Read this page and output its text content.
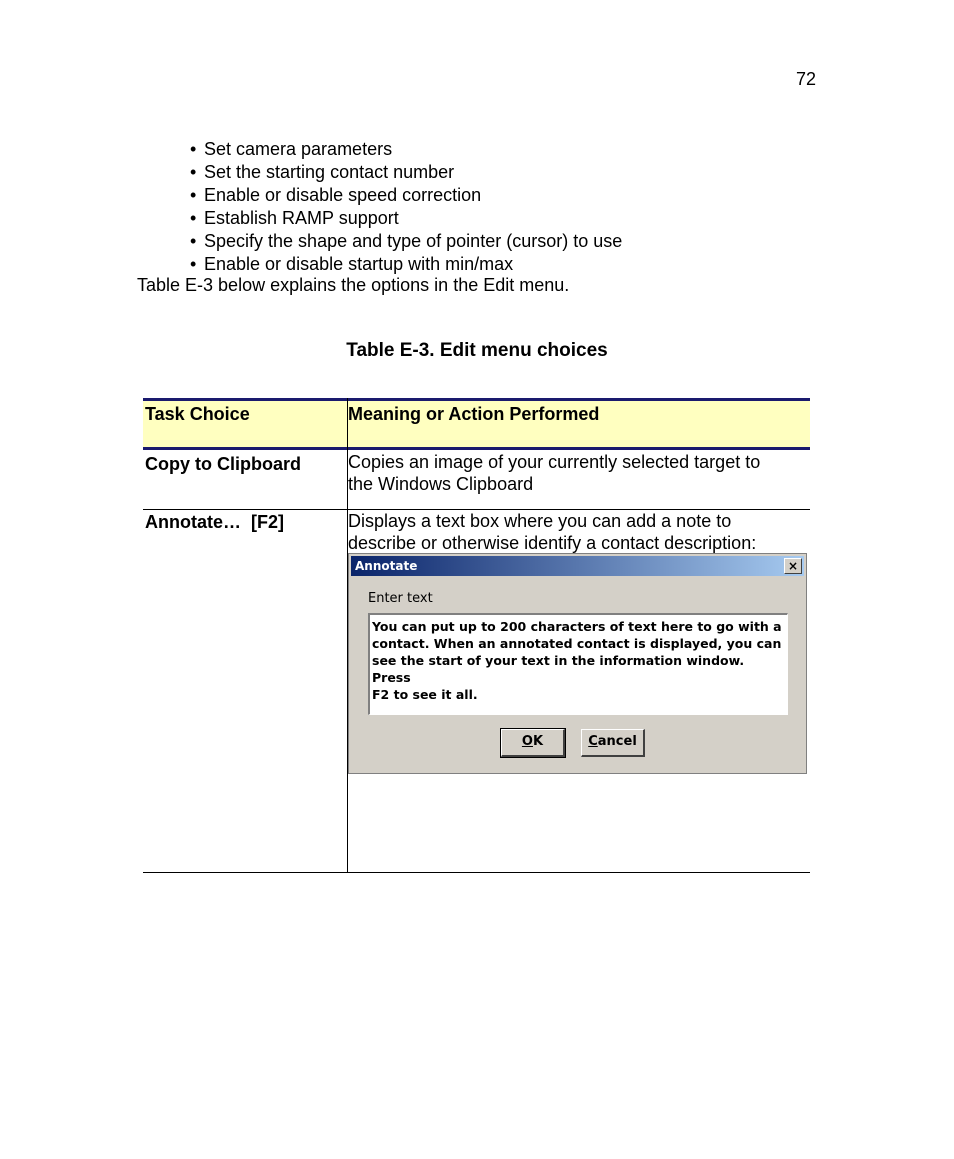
72
• Set camera parameters
• Set the starting contact number
• Enable or disable speed correction
• Establish RAMP support
• Specify the shape and type of pointer (cursor) to use
• Enable or disable startup with min/max
Table E-3 below explains the options in the Edit menu.
Table E-3. Edit menu choices
Task Choice	Meaning or Action Performed
Copy to Clipboard	Copies an image of your currently selected target to
the Windows Clipboard
Annotate…  [F2]	Displays a text box where you can add a note to
describe or otherwise identify a contact description:
Annotate	×
Enter text
You can put up to 200 characters of text here to go with a
contact. When an annotated contact is displayed, you can
see the start of your text in the information window. Press
F2 to see it all.
OK	Cancel
